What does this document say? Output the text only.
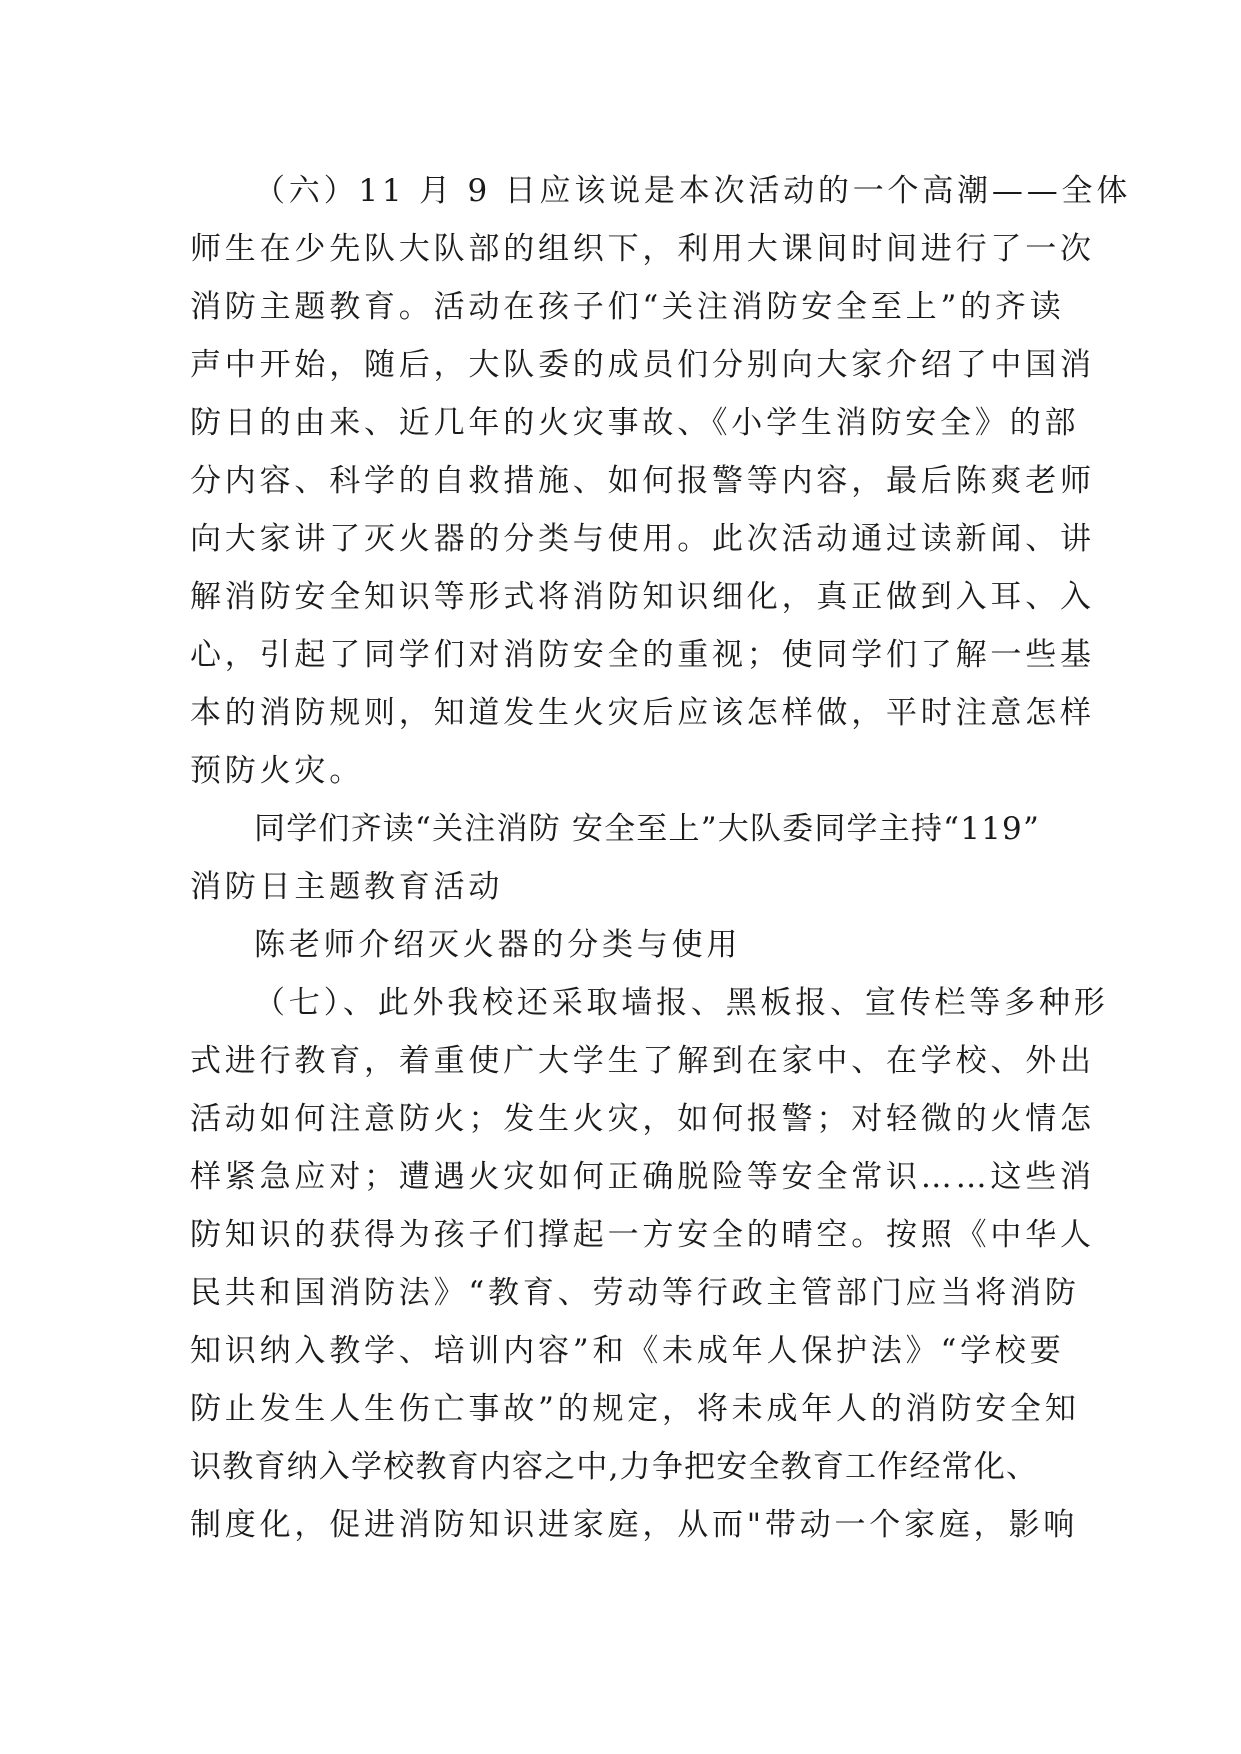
（六）11 月 9 日应该说是本次活动的一个高潮——全体
师生在少先队大队部的组织下，利用大课间时间进行了一次
消防主题教育。活动在孩子们“关注消防安全至上”的齐读
声中开始，随后，大队委的成员们分别向大家介绍了中国消
防日的由来、近几年的火灾事故、《小学生消防安全》的部
分内容、科学的自救措施、如何报警等内容，最后陈爽老师
向大家讲了灭火器的分类与使用。此次活动通过读新闻、讲
解消防安全知识等形式将消防知识细化，真正做到入耳、入
心，引起了同学们对消防安全的重视；使同学们了解一些基
本的消防规则，知道发生火灾后应该怎样做，平时注意怎样
预防火灾。
同学们齐读“关注消防 安全至上”大队委同学主持“119”
消防日主题教育活动
陈老师介绍灭火器的分类与使用
（七）、此外我校还采取墙报、黑板报、宣传栏等多种形
式进行教育，着重使广大学生了解到在家中、在学校、外出
活动如何注意防火；发生火灾，如何报警；对轻微的火情怎
样紧急应对；遭遇火灾如何正确脱险等安全常识……这些消
防知识的获得为孩子们撑起一方安全的晴空。按照《中华人
民共和国消防法》“教育、劳动等行政主管部门应当将消防
知识纳入教学、培训内容”和《未成年人保护法》“学校要
防止发生人生伤亡事故”的规定，将未成年人的消防安全知
识教育纳入学校教育内容之中,力争把安全教育工作经常化、
制度化，促进消防知识进家庭，从而"带动一个家庭，影响
